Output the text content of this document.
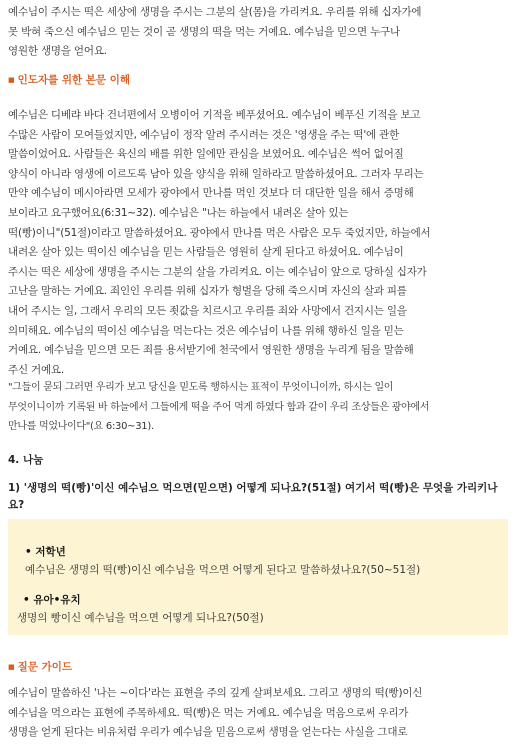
예수님이 주시는 떡은 세상에 생명을 주시는 그분의 살(몸)을 가리켜요. 우리를 위해 십자가에
못 박혀 죽으신 예수님으 믿는 것이 곧 생명의 떡을 먹는 거예요. 예수님을 믿으면 누구나
영원한 생명을 얻어요.

■ 인도자를 위한 본문 이해

예수님은 디베랴 바다 건너편에서 오병이어 기적을 베푸셨어요. 예수님이 베푸신 기적을 보고
수많은 사람이 모여들었지만, 예수님이 정작 알려 주시려는 것은 '영생을 주는 떡'에 관한
말씀이었어요. 사람들은 육신의 배를 위한 일에만 관심을 보였어요. 예수님은 썩어 없어질
양식이 아니라 영생에 이르도록 남아 있을 양식을 위해 일하라고 말씀하셨어요. 그러자 무리는
만약 예수님이 메시아라면 모세가 광야에서 만나를 먹인 것보다 더 대단한 일을 해서 증명해
보이라고 요구했어요(6:31~32). 예수님은 "나는 하늘에서 내려온 살아 있는
떡(빵)이니"(51절)이라고 말씀하셨어요. 광야에서 만나를 먹은 사람은 모두 죽었지만, 하늘에서
내려온 살아 있는 떡이신 예수님을 믿는 사람들은 영원히 살게 된다고 하셨어요. 예수님이
주시는 떡은 세상에 생명을 주시는 그분의 살을 가리켜요. 이는 예수님이 앞으로 당하실 십자가
고난을 말하는 거예요. 죄인인 우리를 위해 십자가 형벌을 당해 죽으시며 자신의 살과 피를
내어 주시는 일, 그래서 우리의 모든 죗값을 치르시고 우리를 죄와 사망에서 건지시는 일을
의미해요. 예수님의 떡이신 예수님을 먹는다는 것은 예수님이 나를 위해 행하신 일을 믿는
거예요. 예수님을 믿으면 모든 죄를 용서받기에 천국에서 영원한 생명을 누리게 됨을 말씀해
주신 거예요.

"그들이 묻되 그러면 우리가 보고 당신을 믿도록 행하시는 표적이 무엇이니이까, 하시는 일이
무엇이니이까 기록된 바 하늘에서 그들에게 떡을 주어 먹게 하였다 함과 같이 우리 조상들은 광야에서
만나를 먹었나이다"(요 6:30~31).
4. 나눔

1) '생명의 떡(빵)'이신 예수님으 먹으면(믿으면) 어떻게 되나요?(51절) 여기서 떡(빵)은 무엇을 가리키나요?

• 저학년
예수님은 생명의 떡(빵)이신 예수님을 먹으면 어떻게 된다고 말씀하셨나요?(50~51절)
• 유아•유치
생명의 빵이신 예수님을 먹으면 어떻게 되나요?(50절)
■ 질문 가이드

예수님이 말씀하신 '나는 ~이다'라는 표현을 주의 깊게 살펴보세요. 그리고 생명의 떡(빵)이신
예수님을 먹으라는 표현에 주목하세요. 떡(빵)은 먹는 거예요. 예수님을 먹음으로써 우리가
생명을 얻게 된다는 비유처럼 우리가 예수님을 믿음으로써 생명을 얻는다는 사실을 그대로
